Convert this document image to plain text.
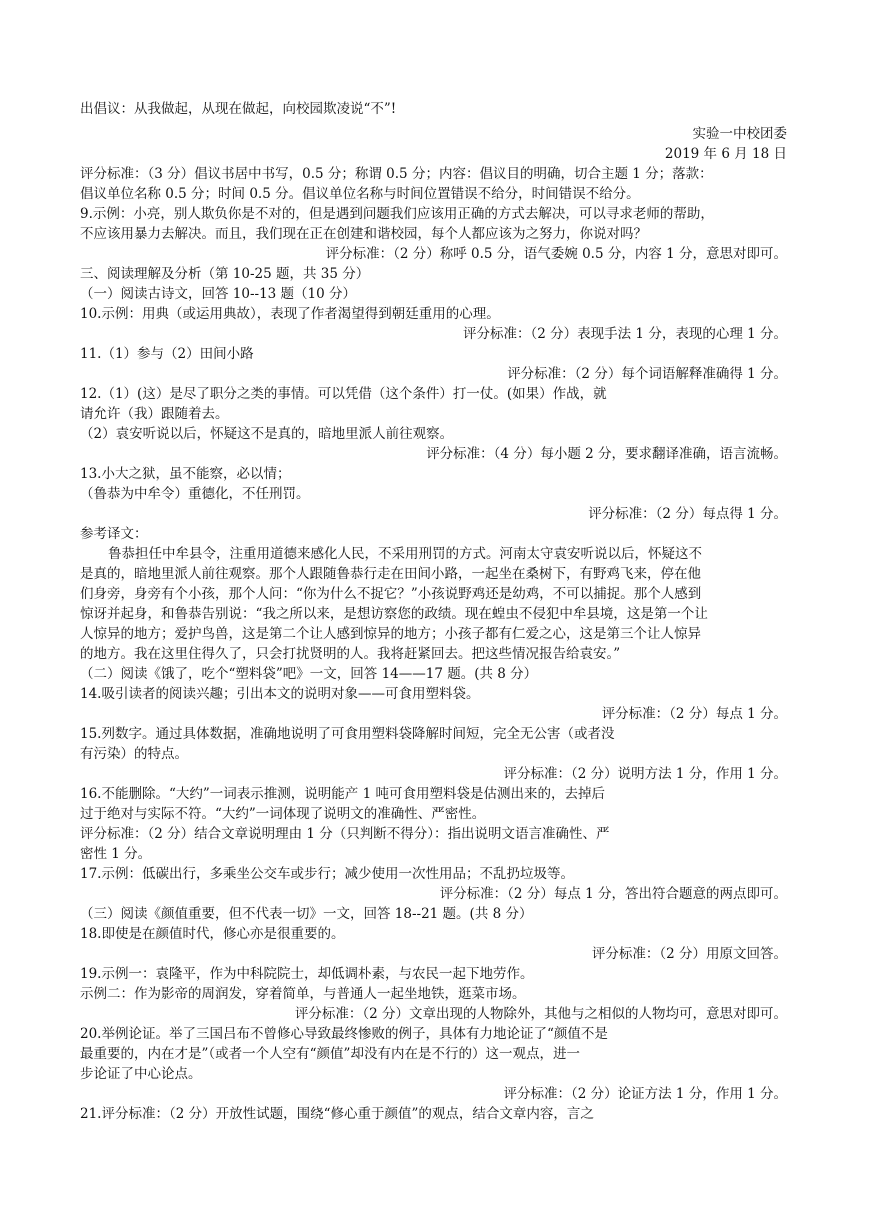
出倡议：从我做起，从现在做起，向校园欺凌说“不”!
实验一中校团委
2019 年 6 月 18 日
评分标准：（3 分）倡议书居中书写，0.5 分；称谓 0.5 分；内容：倡议目的明确，切合主题 1 分；落款：
倡议单位名称 0.5 分；时间 0.5 分。倡议单位名称与时间位置错误不给分，时间错误不给分。
9.示例：小亮，别人欺负你是不对的，但是遇到问题我们应该用正确的方式去解决，可以寻求老师的帮助，
不应该用暴力去解决。而且，我们现在正在创建和谐校园，每个人都应该为之努力，你说对吗？
评分标准：（2 分）称呼 0.5 分，语气委婉 0.5 分，内容 1 分，意思对即可。
三、阅读理解及分析（第 10-25 题，共 35 分）
（一）阅读古诗文，回答 10--13 题（10 分）
10.示例：用典（或运用典故），表现了作者渴望得到朝廷重用的心理。
评分标准：（2 分）表现手法 1 分，表现的心理 1 分。
11.（1）参与（2）田间小路
评分标准：（2 分）每个词语解释准确得 1 分。
12.（1）(这）是尽了职分之类的事情。可以凭借（这个条件）打一仗。(如果）作战，就
请允许（我）跟随着去。
（2）袁安听说以后，怀疑这不是真的，暗地里派人前往观察。
评分标准：（4 分）每小题 2 分，要求翻译准确，语言流畅。
13.小大之狱，虽不能察，必以情；
（鲁恭为中牟令）重德化，不任刑罚。
评分标准：（2 分）每点得 1 分。
参考译文：
鲁恭担任中牟县令，注重用道德来感化人民，不采用刑罚的方式。河南太守袁安听说以后，怀疑这不
是真的，暗地里派人前往观察。那个人跟随鲁恭行走在田间小路，一起坐在桑树下，有野鸡飞来，停在他
们身旁，身旁有个小孩，那个人问：“你为什么不捉它？”小孩说野鸡还是幼鸡，不可以捕捉。那个人感到
惊讶并起身，和鲁恭告别说：“我之所以来，是想访察您的政绩。现在蝗虫不侵犯中牟县境，这是第一个让
人惊异的地方；爱护鸟兽，这是第二个让人感到惊异的地方；小孩子都有仁爱之心，这是第三个让人惊异
的地方。我在这里住得久了，只会打扰贤明的人。我将赶紧回去。把这些情况报告给袁安。”
（二）阅读《饿了，吃个“塑料袋”吧》一文，回答 14——17 题。(共 8 分）
14.吸引读者的阅读兴趣；引出本文的说明对象——可食用塑料袋。
评分标准：（2 分）每点 1 分。
15.列数字。通过具体数据，准确地说明了可食用塑料袋降解时间短，完全无公害（或者没
有污染）的特点。
评分标准：（2 分）说明方法 1 分，作用 1 分。
16.不能删除。“大约”一词表示推测，说明能产 1 吨可食用塑料袋是估测出来的，去掉后
过于绝对与实际不符。“大约”一词体现了说明文的准确性、严密性。
评分标准：（2 分）结合文章说明理由 1 分（只判断不得分）：指出说明文语言准确性、严
密性 1 分。
17.示例：低碳出行，多乘坐公交车或步行；减少使用一次性用品；不乱扔垃圾等。
评分标准：（2 分）每点 1 分，答出符合题意的两点即可。
（三）阅读《颜值重要，但不代表一切》一文，回答 18--21 题。(共 8 分）
18.即使是在颜值时代，修心亦是很重要的。
评分标准：（2 分）用原文回答。
19.示例一：袁隆平，作为中科院院士，却低调朴素，与农民一起下地劳作。
示例二：作为影帝的周润发，穿着简单，与普通人一起坐地铁，逛菜市场。
评分标准：（2 分）文章出现的人物除外，其他与之相似的人物均可，意思对即可。
20.举例论证。举了三国吕布不曾修心导致最终惨败的例子，具体有力地论证了“颜值不是
最重要的，内在才是”（或者一个人空有“颜值”却没有内在是不行的）这一观点，进一
步论证了中心论点。
评分标准：（2 分）论证方法 1 分，作用 1 分。
21.评分标准：（2 分）开放性试题，围绕“修心重于颜值”的观点，结合文章内容，言之
